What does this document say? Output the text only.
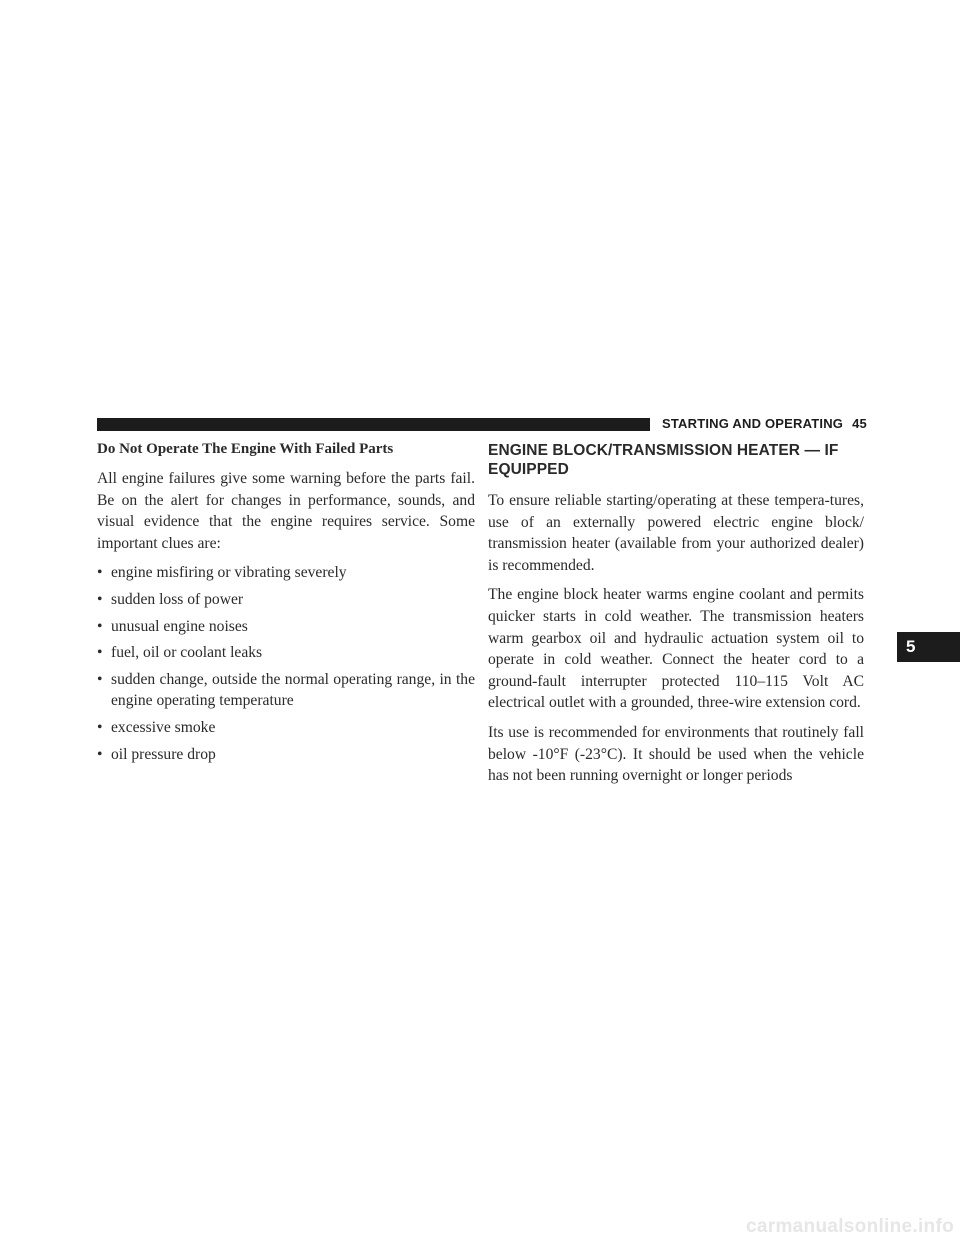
STARTING AND OPERATING 45
Do Not Operate The Engine With Failed Parts

All engine failures give some warning before the parts fail. Be on the alert for changes in performance, sounds, and visual evidence that the engine requires service. Some important clues are:

• engine misfiring or vibrating severely
• sudden loss of power
• unusual engine noises
• fuel, oil or coolant leaks
• sudden change, outside the normal operating range, in the engine operating temperature
• excessive smoke
• oil pressure drop
ENGINE BLOCK/TRANSMISSION HEATER — IF EQUIPPED

To ensure reliable starting/operating at these tempera-tures, use of an externally powered electric engine block/ transmission heater (available from your authorized dealer) is recommended.

The engine block heater warms engine coolant and permits quicker starts in cold weather. The transmission heaters warm gearbox oil and hydraulic actuation system oil to operate in cold weather. Connect the heater cord to a ground-fault interrupter protected 110–115 Volt AC electrical outlet with a grounded, three-wire extension cord.

Its use is recommended for environments that routinely fall below -10°F (-23°C). It should be used when the vehicle has not been running overnight or longer periods

5
carmanualsonline.info
